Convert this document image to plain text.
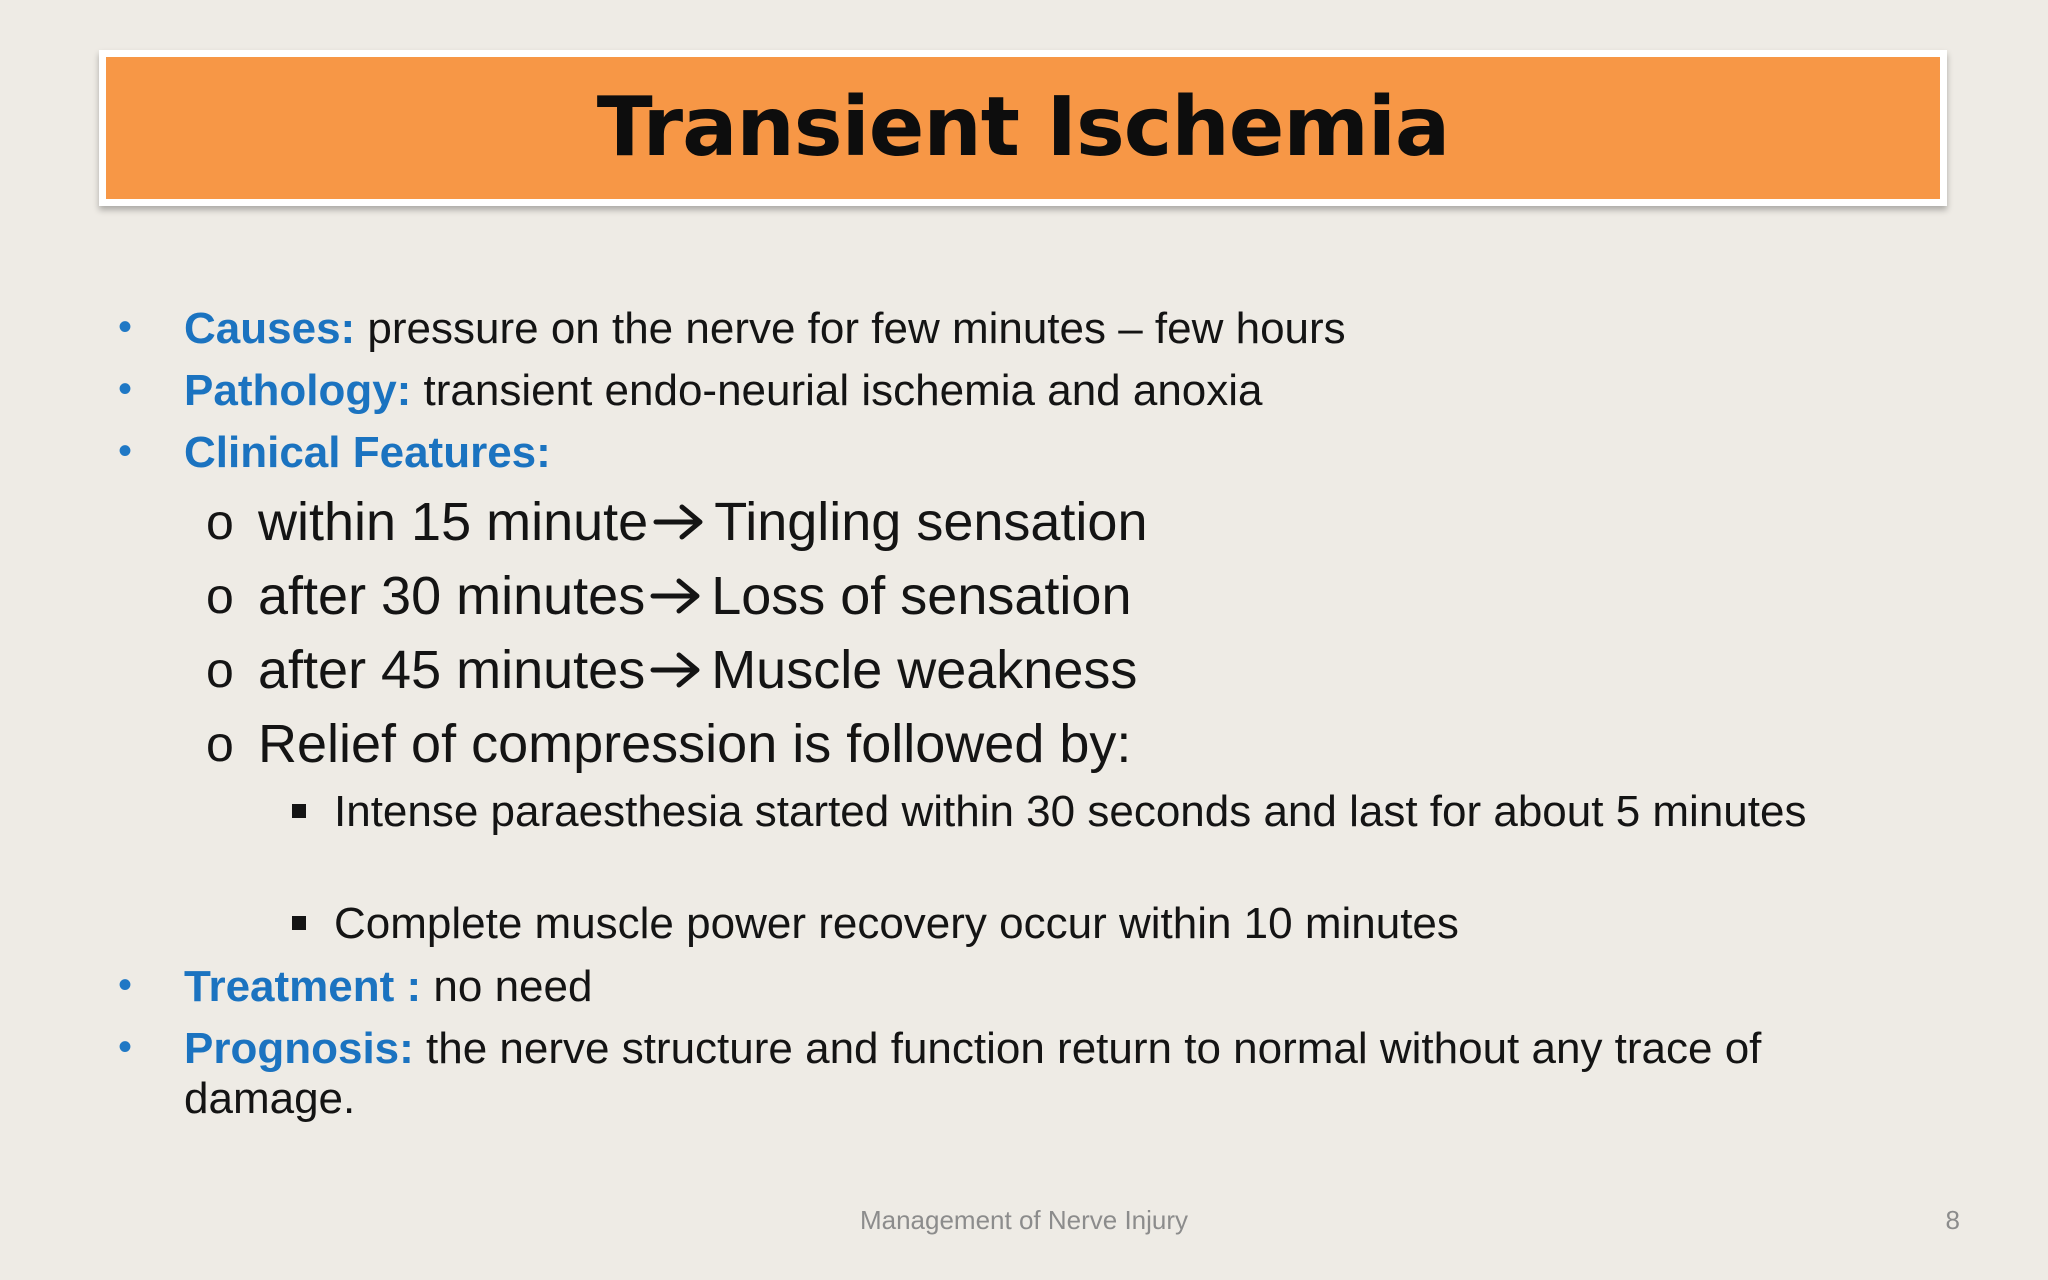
Transient Ischemia
• Causes: pressure on the nerve for few minutes – few hours
• Pathology: transient endo-neurial ischemia and anoxia
• Clinical Features:
o within 15 minute Tingling sensation
o after 30 minutes Loss of sensation
o after 45 minutes Muscle weakness
o Relief of compression is followed by:
Intense paraesthesia started within 30 seconds and last for about 5 minutes
Complete muscle power recovery occur within 10 minutes
• Treatment : no need
• Prognosis: the nerve structure and function return to normal without any trace of damage.
Management of Nerve Injury	8
